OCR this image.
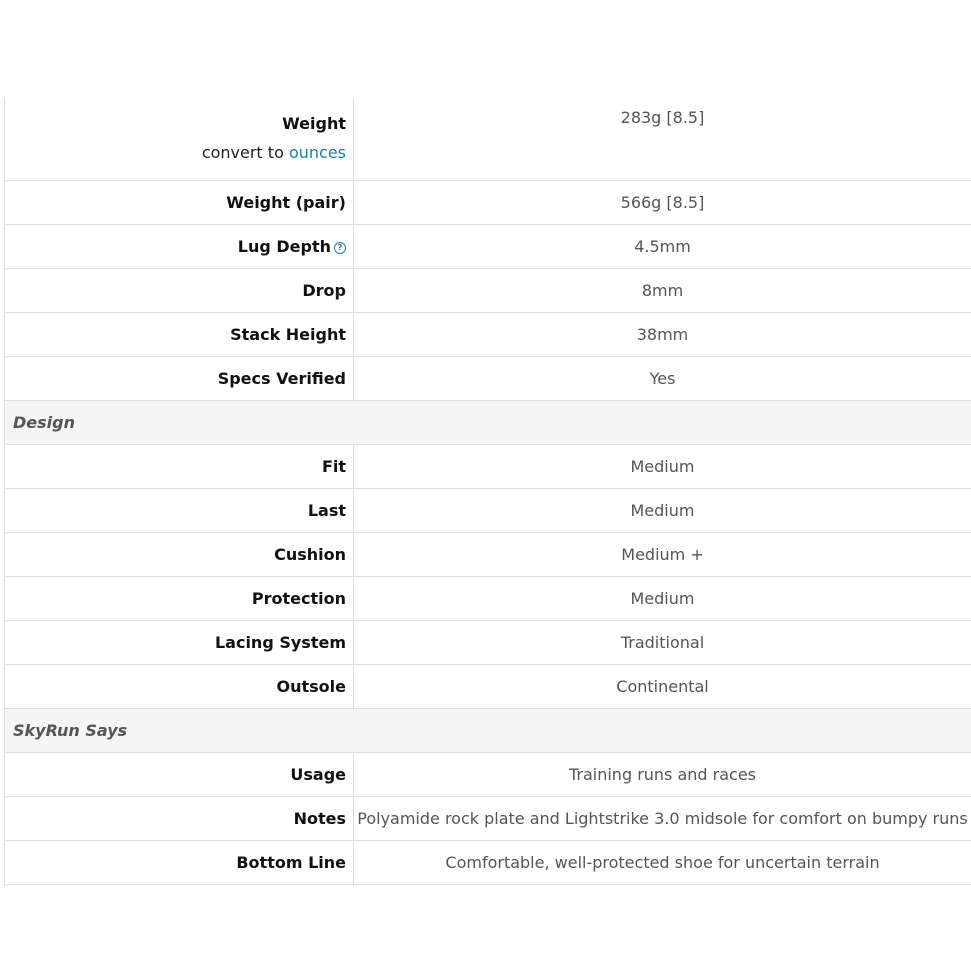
Weight
convert to ounces	283g [8.5]
Weight (pair)	566g [8.5]
Lug Depth ?	4.5mm
Drop	8mm
Stack Height	38mm
Specs Verified	Yes
Design	
Fit	Medium
Last	Medium
Cushion	Medium +
Protection	Medium
Lacing System	Traditional
Outsole	Continental
SkyRun Says	
Usage	Training runs and races
Notes	Polyamide rock plate and Lightstrike 3.0 midsole for comfort on bumpy runs
Bottom Line	Comfortable, well-protected shoe for uncertain terrain
